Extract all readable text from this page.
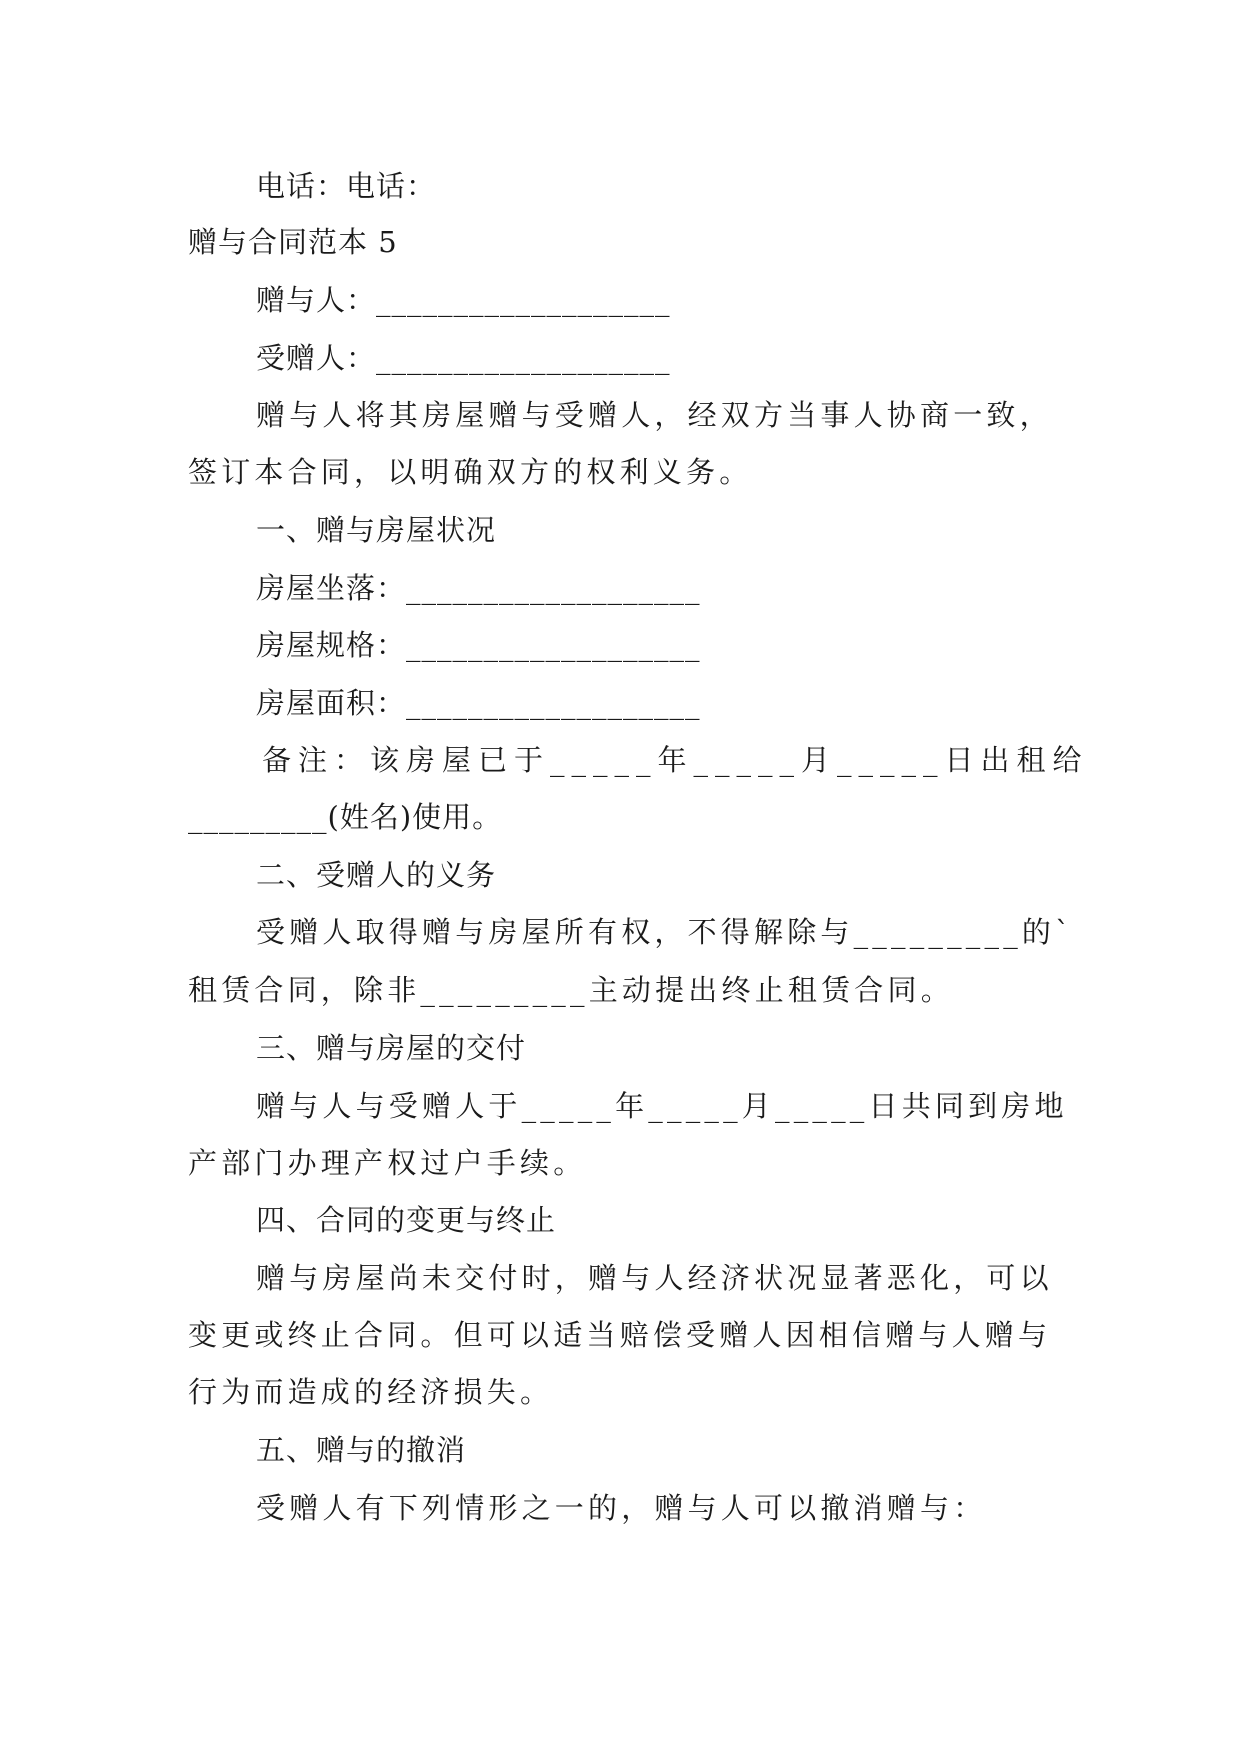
电话：电话：
赠与合同范本 5
赠与人：___________________
受赠人：___________________
赠与人将其房屋赠与受赠人，经双方当事人协商一致，
签订本合同，以明确双方的权利义务。
一、赠与房屋状况
房屋坐落：___________________
房屋规格：___________________
房屋面积：___________________
备注：该房屋已于_____年_____月_____日出租给
_________(姓名)使用。
二、受赠人的义务
受赠人取得赠与房屋所有权，不得解除与_________的`
租赁合同，除非_________主动提出终止租赁合同。
三、赠与房屋的交付
赠与人与受赠人于_____年_____月_____日共同到房地
产部门办理产权过户手续。
四、合同的变更与终止
赠与房屋尚未交付时，赠与人经济状况显著恶化，可以
变更或终止合同。但可以适当赔偿受赠人因相信赠与人赠与
行为而造成的经济损失。
五、赠与的撤消
受赠人有下列情形之一的，赠与人可以撤消赠与：
